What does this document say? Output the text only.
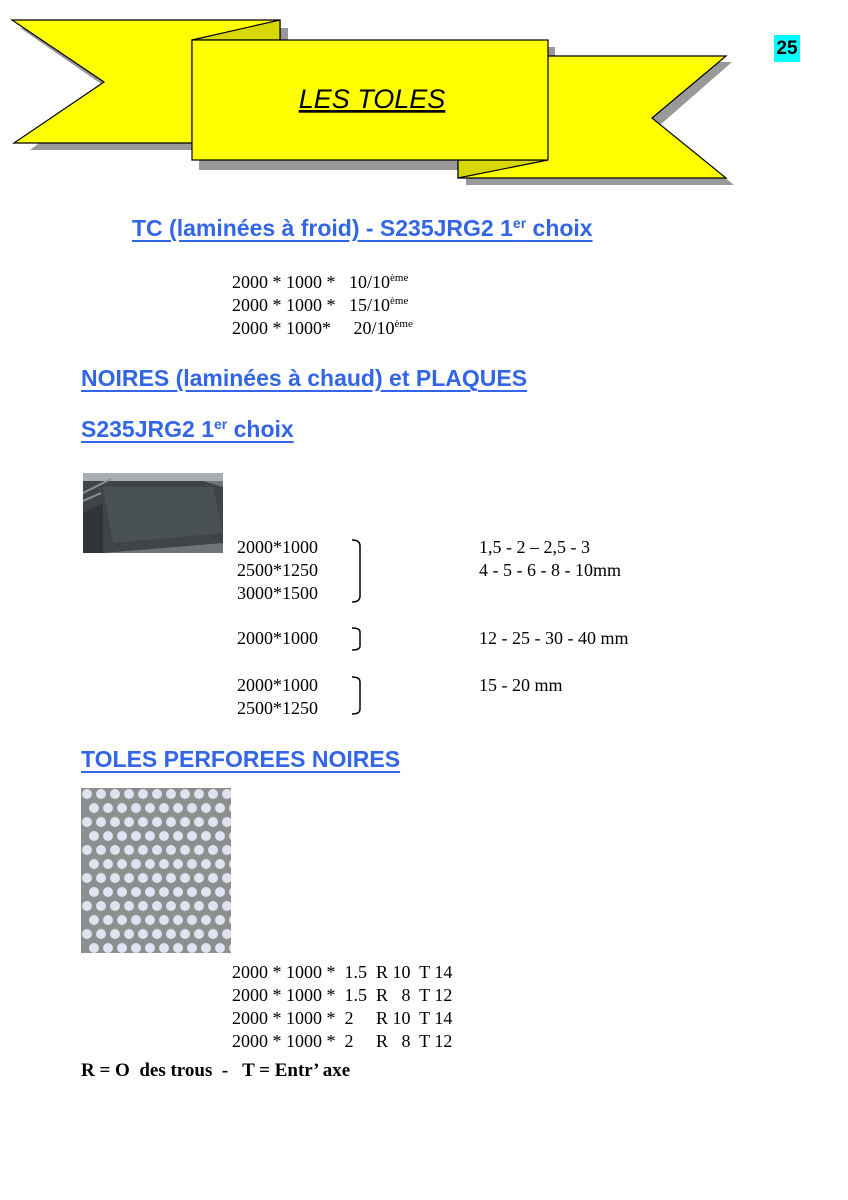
LES TOLES
25
TC (laminées à froid) - S235JRG2 1er choix
2000 * 1000 * 10/10ème
2000 * 1000 * 15/10ème
2000 * 1000* 20/10ème
NOIRES (laminées à chaud) et PLAQUES
S235JRG2 1er choix
2000*1000
2500*1250
3000*1500
1,5 - 2 – 2,5 - 3
4 - 5 - 6 - 8 - 10mm
2000*1000	12 - 25 - 30 - 40 mm
2000*1000
2500*1250
15 - 20 mm
TOLES PERFOREES NOIRES
2000 * 1000 *  1.5  R 10  T 14
2000 * 1000 *  1.5  R   8  T 12
2000 * 1000 *  2     R 10  T 14
2000 * 1000 *  2     R   8  T 12
R = O  des trous  -   T = Entr’ axe
